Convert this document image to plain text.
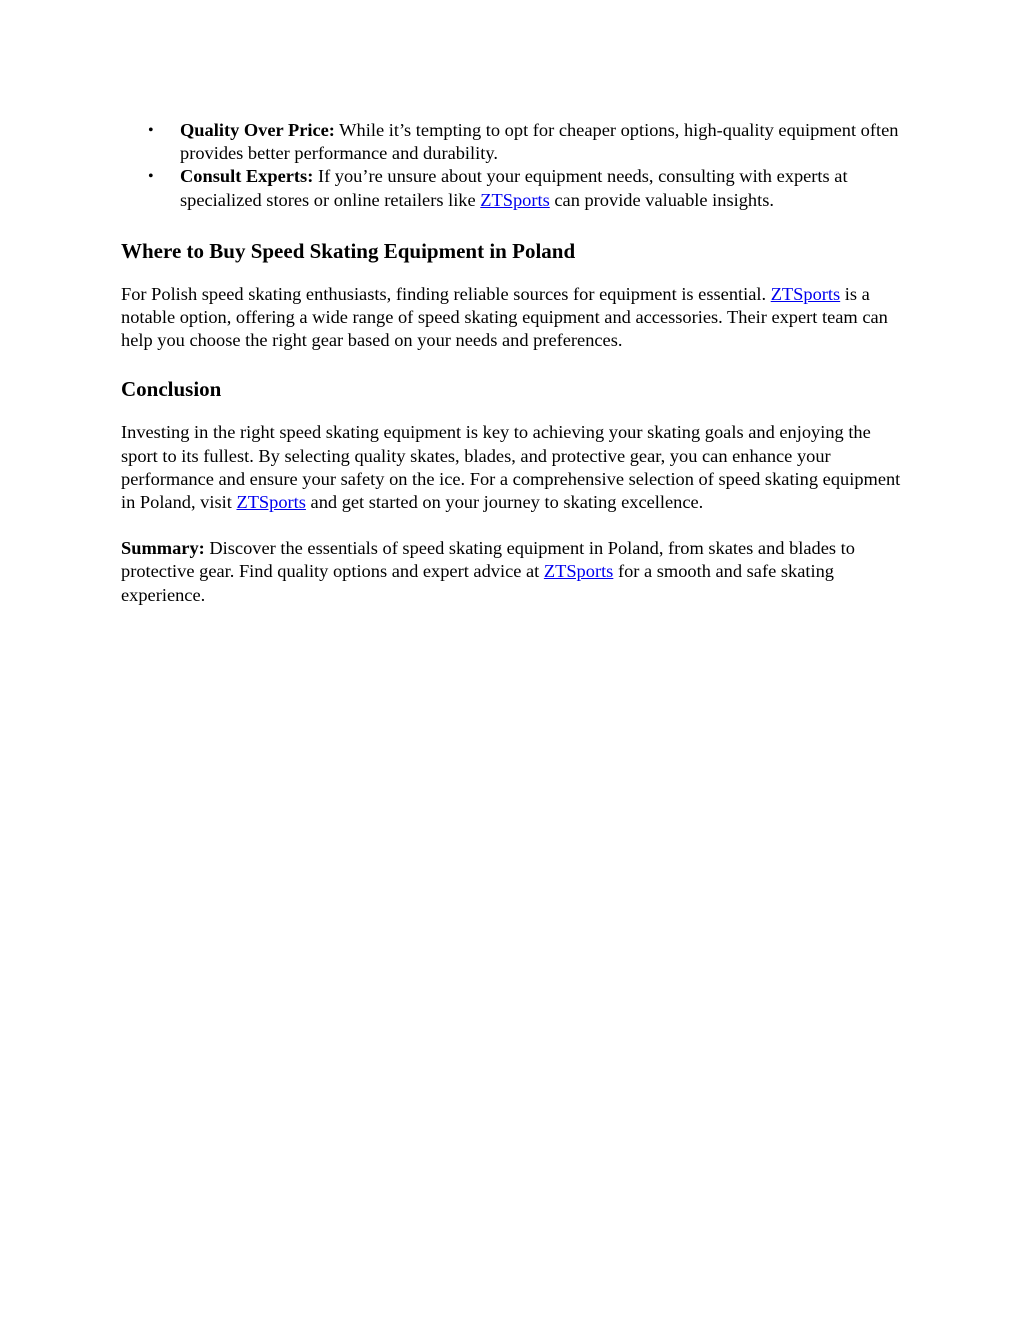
• Quality Over Price: While it’s tempting to opt for cheaper options, high-quality equipment often provides better performance and durability.
• Consult Experts: If you’re unsure about your equipment needs, consulting with experts at specialized stores or online retailers like ZTSports can provide valuable insights.
Where to Buy Speed Skating Equipment in Poland

For Polish speed skating enthusiasts, finding reliable sources for equipment is essential. ZTSports is a notable option, offering a wide range of speed skating equipment and accessories. Their expert team can help you choose the right gear based on your needs and preferences.

Conclusion

Investing in the right speed skating equipment is key to achieving your skating goals and enjoying the sport to its fullest. By selecting quality skates, blades, and protective gear, you can enhance your performance and ensure your safety on the ice. For a comprehensive selection of speed skating equipment in Poland, visit ZTSports and get started on your journey to skating excellence.

Summary: Discover the essentials of speed skating equipment in Poland, from skates and blades to protective gear. Find quality options and expert advice at ZTSports for a smooth and safe skating experience.
